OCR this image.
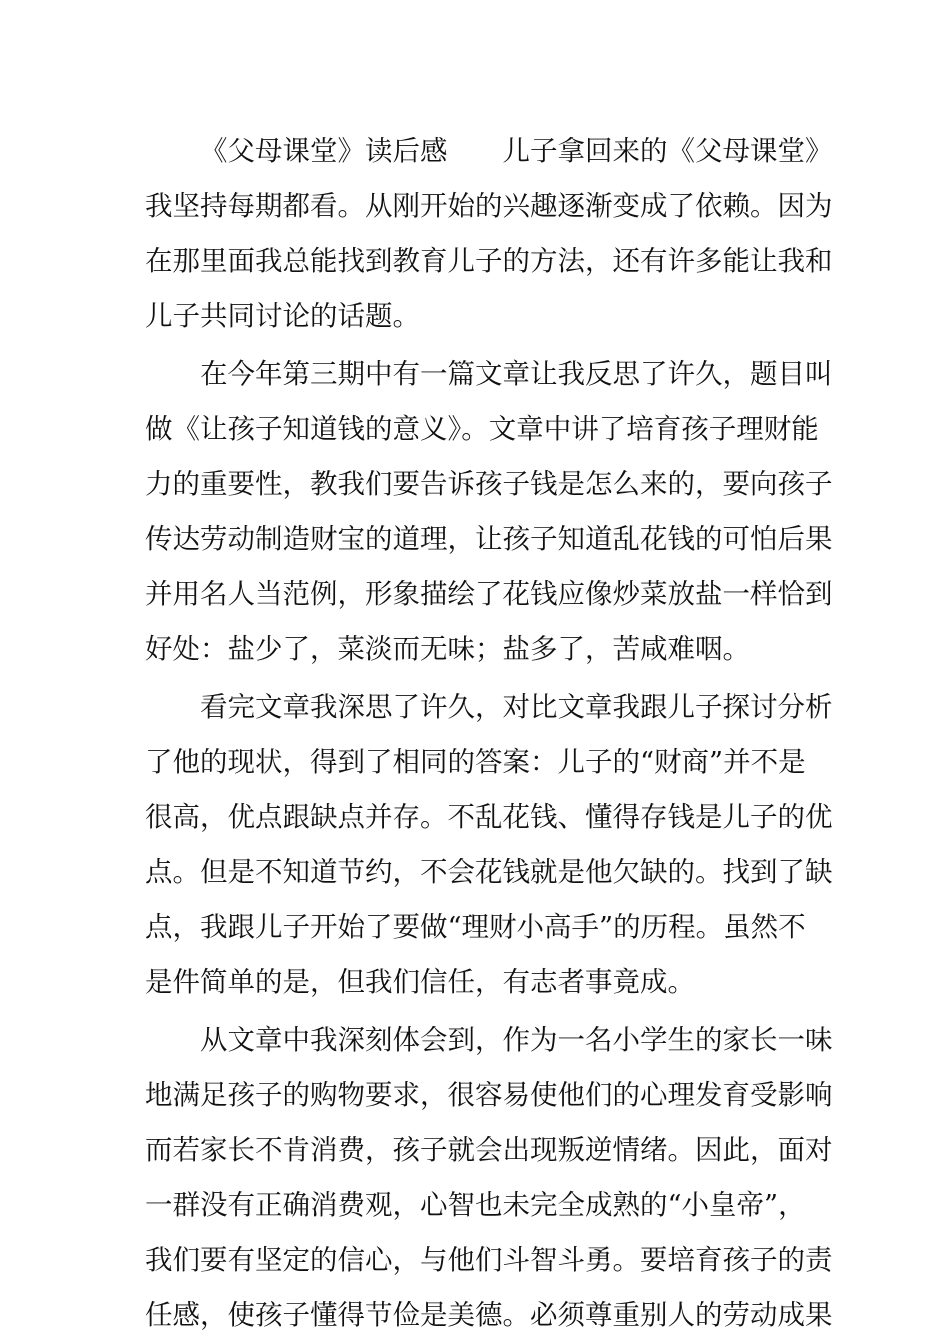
《父母课堂》读后感　　儿子拿回来的《父母课堂》
我坚持每期都看。从刚开始的兴趣逐渐变成了依赖。因为
在那里面我总能找到教育儿子的方法，还有许多能让我和
儿子共同讨论的话题。
在今年第三期中有一篇文章让我反思了许久，题目叫
做《让孩子知道钱的意义》。文章中讲了培育孩子理财能
力的重要性，教我们要告诉孩子钱是怎么来的，要向孩子
传达劳动制造财宝的道理，让孩子知道乱花钱的可怕后果
并用名人当范例，形象描绘了花钱应像炒菜放盐一样恰到
好处：盐少了，菜淡而无味；盐多了，苦咸难咽。
看完文章我深思了许久，对比文章我跟儿子探讨分析
了他的现状，得到了相同的答案：儿子的“财商”并不是
很高，优点跟缺点并存。不乱花钱、懂得存钱是儿子的优
点。但是不知道节约，不会花钱就是他欠缺的。找到了缺
点，我跟儿子开始了要做“理财小高手”的历程。虽然不
是件简单的是，但我们信任，有志者事竟成。
从文章中我深刻体会到，作为一名小学生的家长一味
地满足孩子的购物要求，很容易使他们的心理发育受影响
而若家长不肯消费，孩子就会出现叛逆情绪。因此，面对
一群没有正确消费观，心智也未完全成熟的“小皇帝”，
我们要有坚定的信心，与他们斗智斗勇。要培育孩子的责
任感，使孩子懂得节俭是美德。必须尊重别人的劳动成果
